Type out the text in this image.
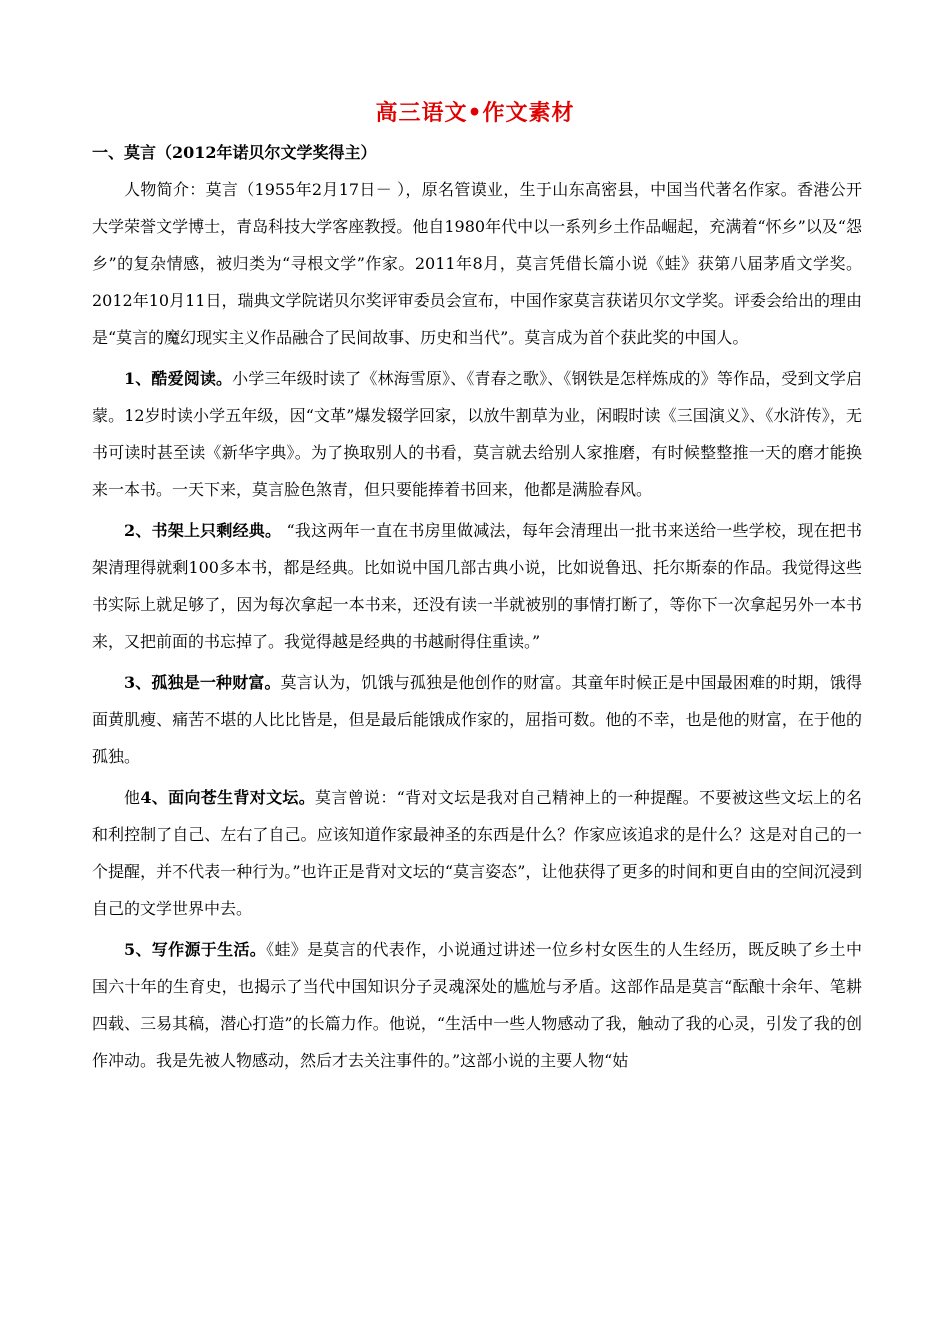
高三语文•作文素材
一、莫言（2012年诺贝尔文学奖得主）

人物简介：莫言（1955年2月17日－ ），原名管谟业，生于山东高密县，中国当代著名作家。香港公开大学荣誉文学博士，青岛科技大学客座教授。他自1980年代中以一系列乡土作品崛起，充满着“怀乡”以及“怨乡”的复杂情感，被归类为“寻根文学”作家。2011年8月，莫言凭借长篇小说《蛙》获第八届茅盾文学奖。2012年10月11日，瑞典文学院诺贝尔奖评审委员会宣布，中国作家莫言获诺贝尔文学奖。评委会给出的理由是“莫言的魔幻现实主义作品融合了民间故事、历史和当代”。莫言成为首个获此奖的中国人。

1、酷爱阅读。小学三年级时读了《林海雪原》、《青春之歌》、《钢铁是怎样炼成的》等作品，受到文学启蒙。12岁时读小学五年级，因“文革”爆发辍学回家，以放牛割草为业，闲暇时读《三国演义》、《水浒传》，无书可读时甚至读《新华字典》。为了换取别人的书看，莫言就去给别人家推磨，有时候整整推一天的磨才能换来一本书。一天下来，莫言脸色煞青，但只要能捧着书回来，他都是满脸春风。

2、书架上只剩经典。 “我这两年一直在书房里做减法，每年会清理出一批书来送给一些学校，现在把书架清理得就剩100多本书，都是经典。比如说中国几部古典小说，比如说鲁迅、托尔斯泰的作品。我觉得这些书实际上就足够了，因为每次拿起一本书来，还没有读一半就被别的事情打断了，等你下一次拿起另外一本书来，又把前面的书忘掉了。我觉得越是经典的书越耐得住重读。”

3、孤独是一种财富。莫言认为，饥饿与孤独是他创作的财富。其童年时候正是中国最困难的时期，饿得面黄肌瘦、痛苦不堪的人比比皆是，但是最后能饿成作家的，屈指可数。他的不幸，也是他的财富，在于他的孤独。

他4、面向苍生背对文坛。莫言曾说：“背对文坛是我对自己精神上的一种提醒。不要被这些文坛上的名和利控制了自己、左右了自己。应该知道作家最神圣的东西是什么？作家应该追求的是什么？这是对自己的一个提醒，并不代表一种行为。”也许正是背对文坛的“莫言姿态”，让他获得了更多的时间和更自由的空间沉浸到自己的文学世界中去。

5、写作源于生活。《蛙》是莫言的代表作，小说通过讲述一位乡村女医生的人生经历，既反映了乡土中国六十年的生育史，也揭示了当代中国知识分子灵魂深处的尴尬与矛盾。这部作品是莫言“酝酿十余年、笔耕四载、三易其稿，潜心打造”的长篇力作。他说，“生活中一些人物感动了我，触动了我的心灵，引发了我的创作冲动。我是先被人物感动，然后才去关注事件的。”这部小说的主要人物“姑
